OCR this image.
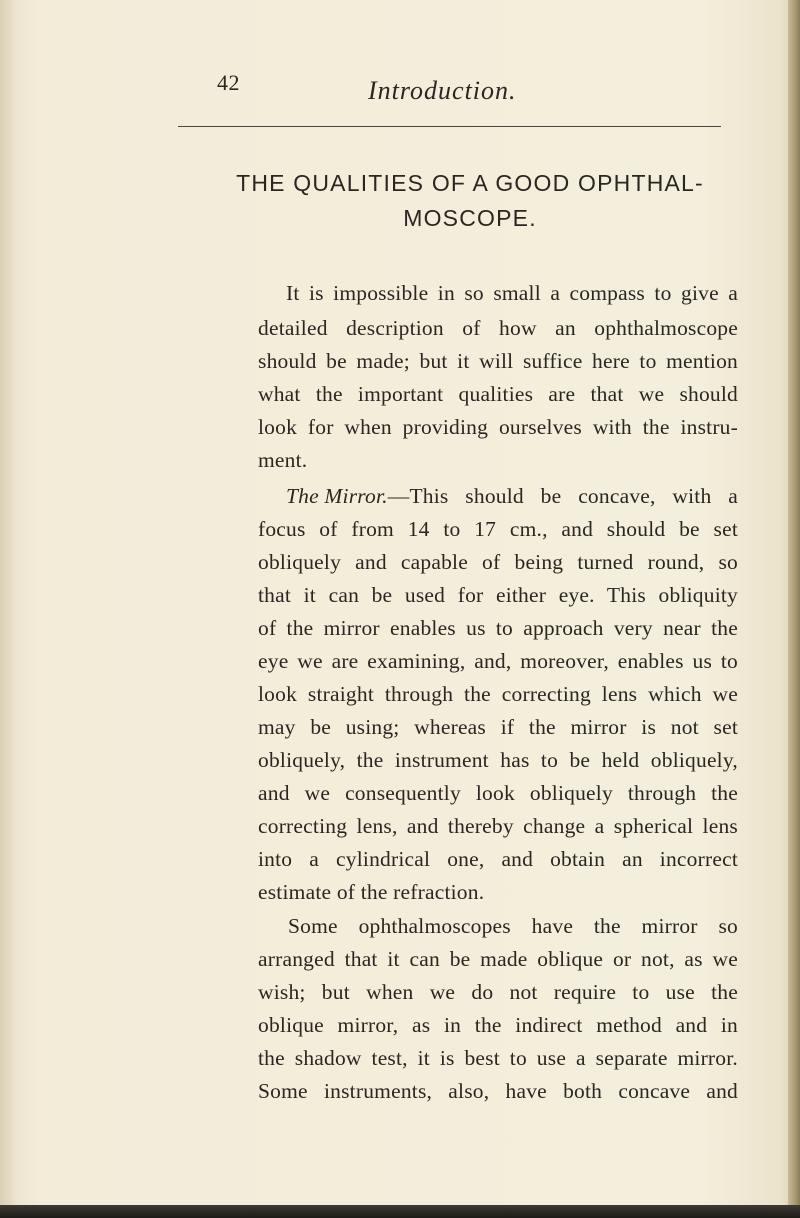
42	Introduction.
THE QUALITIES OF A GOOD OPHTHAL-
MOSCOPE.
It is impossible in so small a compass to give a
detailed description of how an ophthalmoscope
should be made; but it will suffice here to mention
what the important qualities are that we should
look for when providing ourselves with the instru-
ment.
The Mirror. —This should be concave, with a
focus of from 14 to 17 cm., and should be set
obliquely and capable of being turned round, so
that it can be used for either eye. This obliquity
of the mirror enables us to approach very near the
eye we are examining, and, moreover, enables us to
look straight through the correcting lens which we
may be using; whereas if the mirror is not set
obliquely, the instrument has to be held obliquely,
and we consequently look obliquely through the
correcting lens, and thereby change a spherical lens
into a cylindrical one, and obtain an incorrect
estimate of the refraction.
Some ophthalmoscopes have the mirror so
arranged that it can be made oblique or not, as we
wish; but when we do not require to use the
oblique mirror, as in the indirect method and in
the shadow test, it is best to use a separate mirror.
Some instruments, also, have both concave and
